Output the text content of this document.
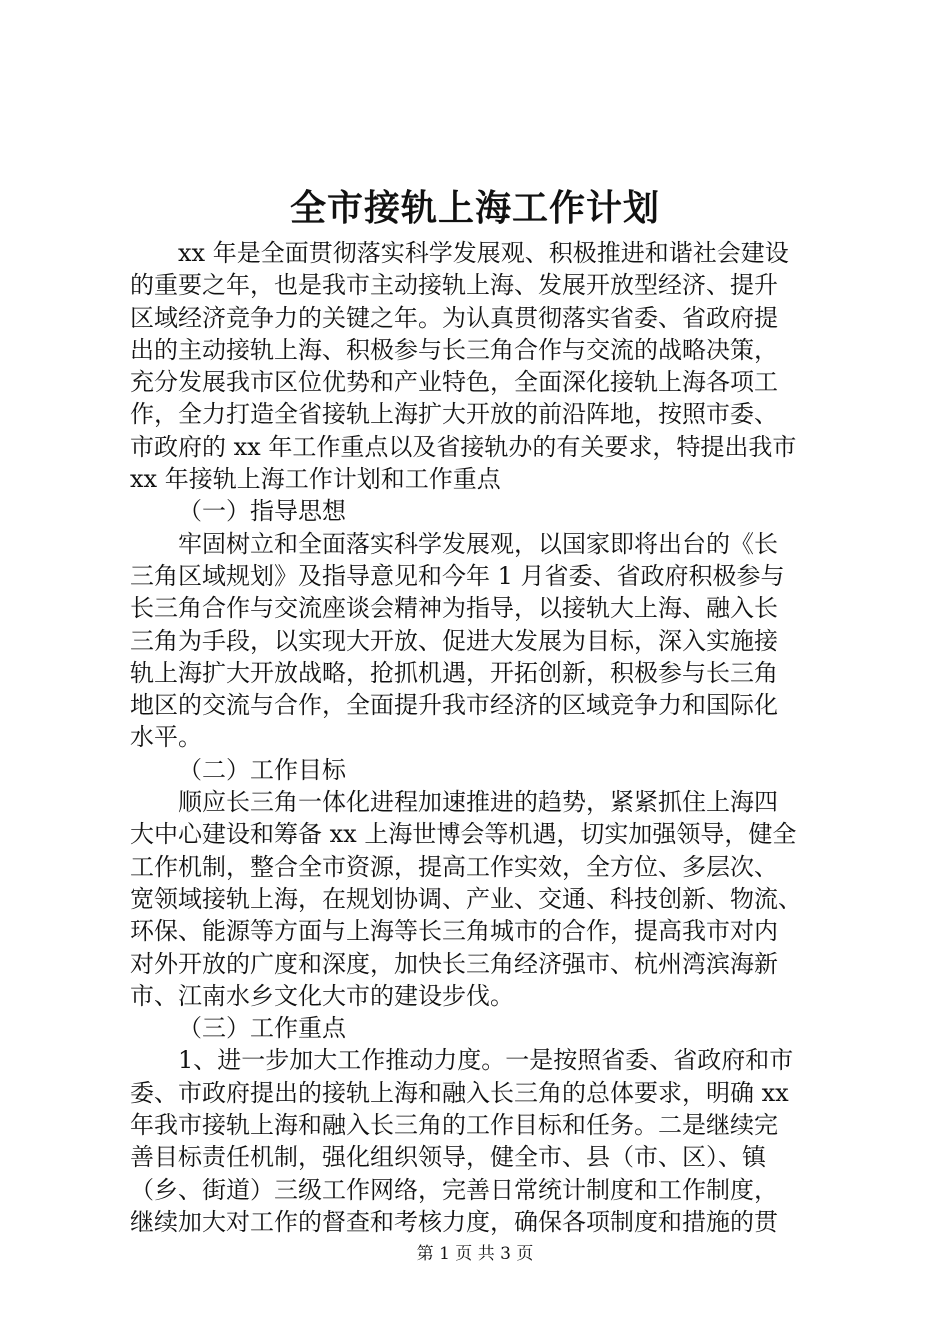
全市接轨上海工作计划
xx 年是全面贯彻落实科学发展观、积极推进和谐社会建设
的重要之年，也是我市主动接轨上海、发展开放型经济、提升
区域经济竞争力的关键之年。为认真贯彻落实省委、省政府提
出的主动接轨上海、积极参与长三角合作与交流的战略决策，
充分发展我市区位优势和产业特色，全面深化接轨上海各项工
作，全力打造全省接轨上海扩大开放的前沿阵地，按照市委、
市政府的 xx 年工作重点以及省接轨办的有关要求，特提出我市
xx 年接轨上海工作计划和工作重点
（一）指导思想
牢固树立和全面落实科学发展观，以国家即将出台的《长
三角区域规划》及指导意见和今年 1 月省委、省政府积极参与
长三角合作与交流座谈会精神为指导，以接轨大上海、融入长
三角为手段，以实现大开放、促进大发展为目标，深入实施接
轨上海扩大开放战略，抢抓机遇，开拓创新，积极参与长三角
地区的交流与合作，全面提升我市经济的区域竞争力和国际化
水平。
（二）工作目标
顺应长三角一体化进程加速推进的趋势，紧紧抓住上海四
大中心建设和筹备 xx 上海世博会等机遇，切实加强领导，健全
工作机制，整合全市资源，提高工作实效，全方位、多层次、
宽领域接轨上海，在规划协调、产业、交通、科技创新、物流、
环保、能源等方面与上海等长三角城市的合作，提高我市对内
对外开放的广度和深度，加快长三角经济强市、杭州湾滨海新
市、江南水乡文化大市的建设步伐。
（三）工作重点
1、进一步加大工作推动力度。一是按照省委、省政府和市
委、市政府提出的接轨上海和融入长三角的总体要求，明确 xx
年我市接轨上海和融入长三角的工作目标和任务。二是继续完
善目标责任机制，强化组织领导，健全市、县（市、区）、镇
（乡、街道）三级工作网络，完善日常统计制度和工作制度，
继续加大对工作的督查和考核力度，确保各项制度和措施的贯
第 1 页 共 3 页
